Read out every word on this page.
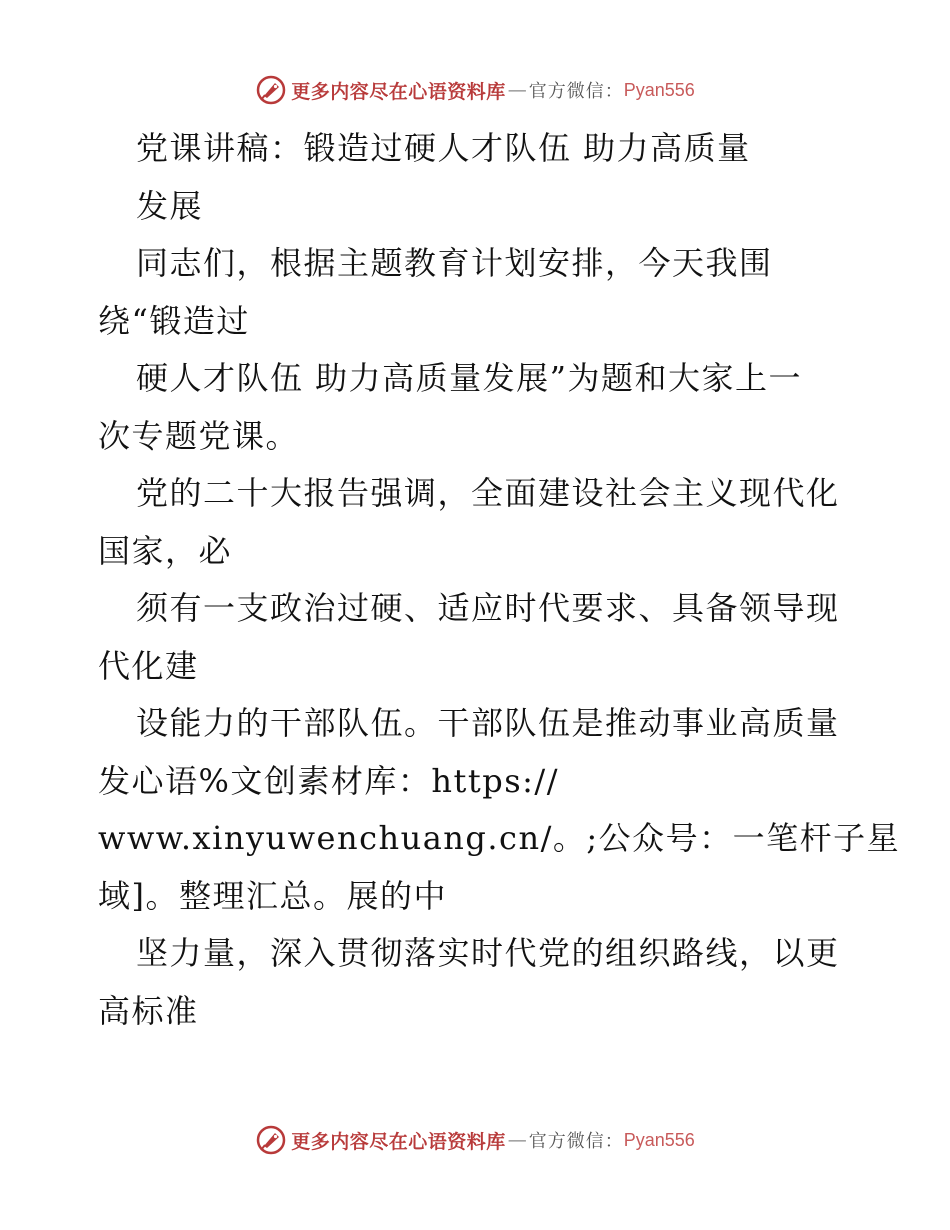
更多内容尽在心语资料库 — 官方微信： Pyan556
党课讲稿：锻造过硬人才队伍 助力高质量
发展
同志们，根据主题教育计划安排，今天我围
绕“锻造过
硬人才队伍 助力高质量发展”为题和大家上一
次专题党课。
党的二十大报告强调，全面建设社会主义现代化
国家，必
须有一支政治过硬、适应时代要求、具备领导现
代化建
设能力的干部队伍。干部队伍是推动事业高质量
发心语%文创素材库：https://
www.xinyuwenchuang.cn/。;公众号：一笔杆子星
域]。整理汇总。展的中
坚力量，深入贯彻落实时代党的组织路线，以更
高标准
更多内容尽在心语资料库 — 官方微信： Pyan556
